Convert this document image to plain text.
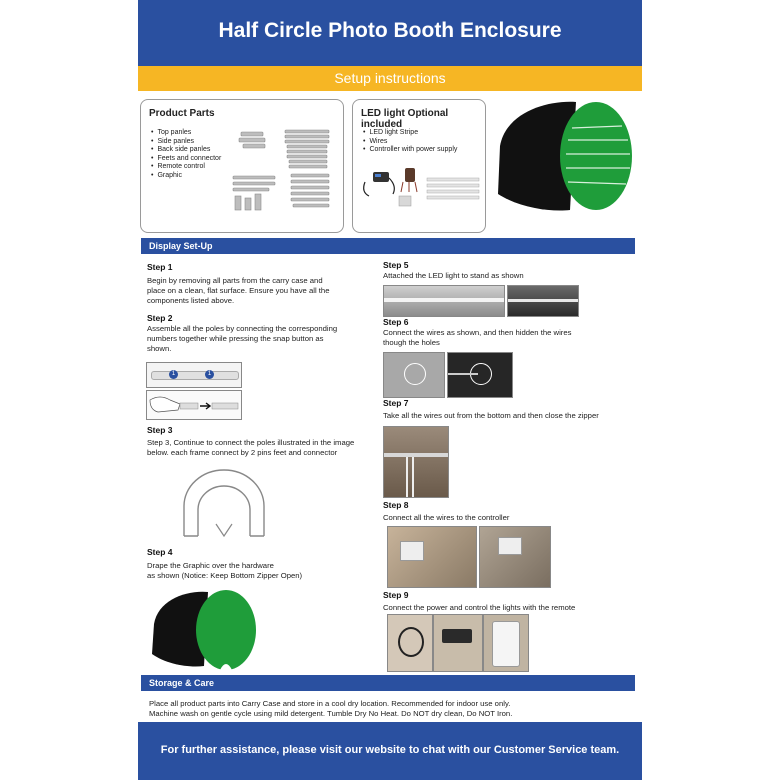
Half Circle Photo Booth Enclosure
Setup instructions
Product Parts
• Top panles
• Side panles
• Back side panles
• Feets and connector
• Remote control
• Graphic
LED light Optional included
• LED light Stripe
• Wires
• Controller with power supply
Display Set-Up
Step 1
Begin by removing all parts from the carry case and
place on a clean, flat surface. Ensure you have all the
components listed above.
Step 2
Assemble all the poles by connecting the corresponding
numbers together while pressing the snap button as
shown.
1	1
Step 3
Step 3, Continue to connect the poles illustrated in the image
below. each frame connect by 2 pins feet and connector
Step 4
Drape the Graphic over the hardware
as shown (Notice: Keep Bottom Zipper Open)
Step 5
Attached the LED light to stand as shown
Step 6
Connect the wires as shown, and then hidden the wires
though the holes
Step 7
Take all the wires out from the bottom and then close the zipper
Step 8
Connect all the wires to the controller
Step 9
Connect the power and control the lights with the remote
Storage & Care
Place all product parts into Carry Case and store in a cool dry location. Recommended for indoor use only.
Machine wash on gentle cycle using mild detergent. Tumble Dry No Heat. Do NOT dry clean, Do NOT Iron.
For further assistance, please visit our website to chat with our Customer Service team.
